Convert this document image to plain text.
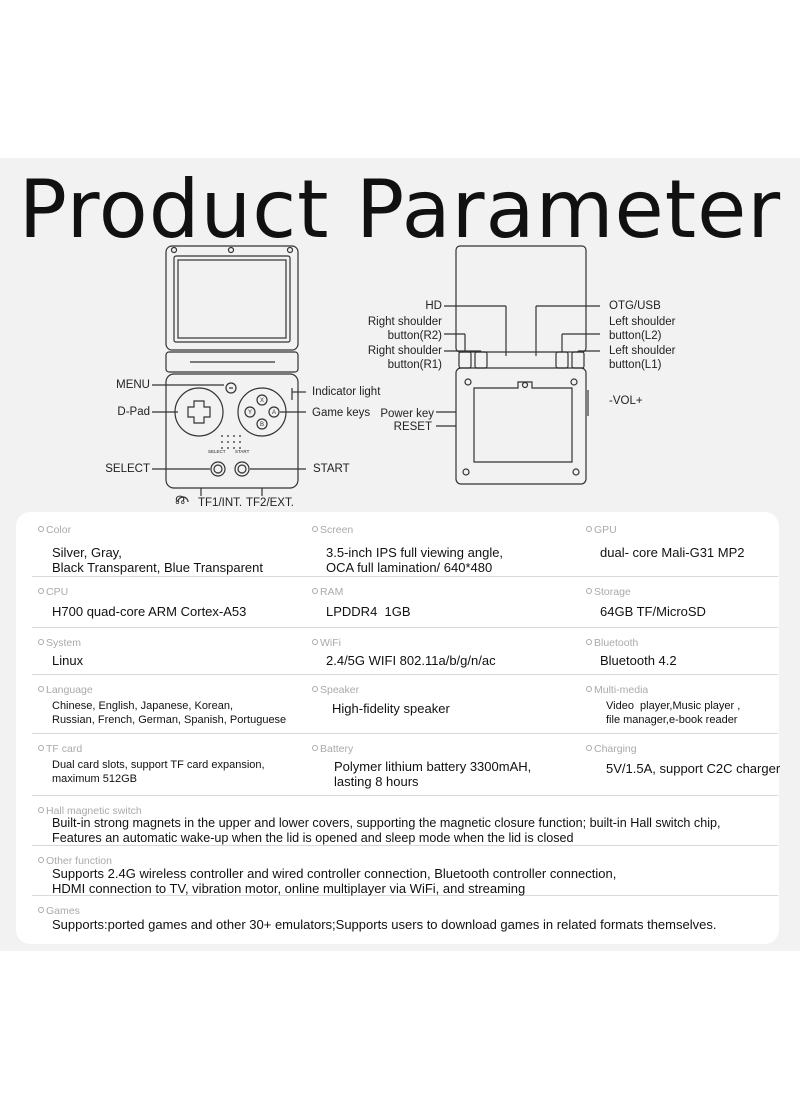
Product Parameter
X
A
Y
B
SELECT START
MENU
D-Pad
SELECT
Indicator light
Game keys
START
☊ TF1/INT. TF2/EXT.
HD
Right shoulder
button(R2)
Right shoulder
button(R1)
Power key
RESET
OTG/USB
Left shoulder
button(L2)
Left shoulder
button(L1)
-VOL+
Color
Silver, Gray,
Black Transparent, Blue Transparent
Screen
3.5-inch IPS full viewing angle,
OCA full lamination/ 640*480
GPU
dual- core Mali-G31 MP2
CPU
H700 quad-core ARM Cortex-A53
RAM
LPDDR4  1GB
Storage
64GB TF/MicroSD
System
Linux
WiFi
2.4/5G WIFI 802.11a/b/g/n/ac
Bluetooth
Bluetooth 4.2
Language
Chinese, English, Japanese, Korean,
Russian, French, German, Spanish, Portuguese
Speaker
High-fidelity speaker
Multi-media
Video  player,Music player ,
file manager,e-book reader
TF card
Dual card slots, support TF card expansion,
maximum 512GB
Battery
Polymer lithium battery 3300mAH,
lasting 8 hours
Charging
5V/1.5A, support C2C charger
Hall magnetic switch
Built-in strong magnets in the upper and lower covers, supporting the magnetic closure function; built-in Hall switch chip,
Features an automatic wake-up when the lid is opened and sleep mode when the lid is closed
Other function
Supports 2.4G wireless controller and wired controller connection, Bluetooth controller connection,
HDMI connection to TV, vibration motor, online multiplayer via WiFi, and streaming
Games
Supports:ported games and other 30+ emulators;Supports users to download games in related formats themselves.
